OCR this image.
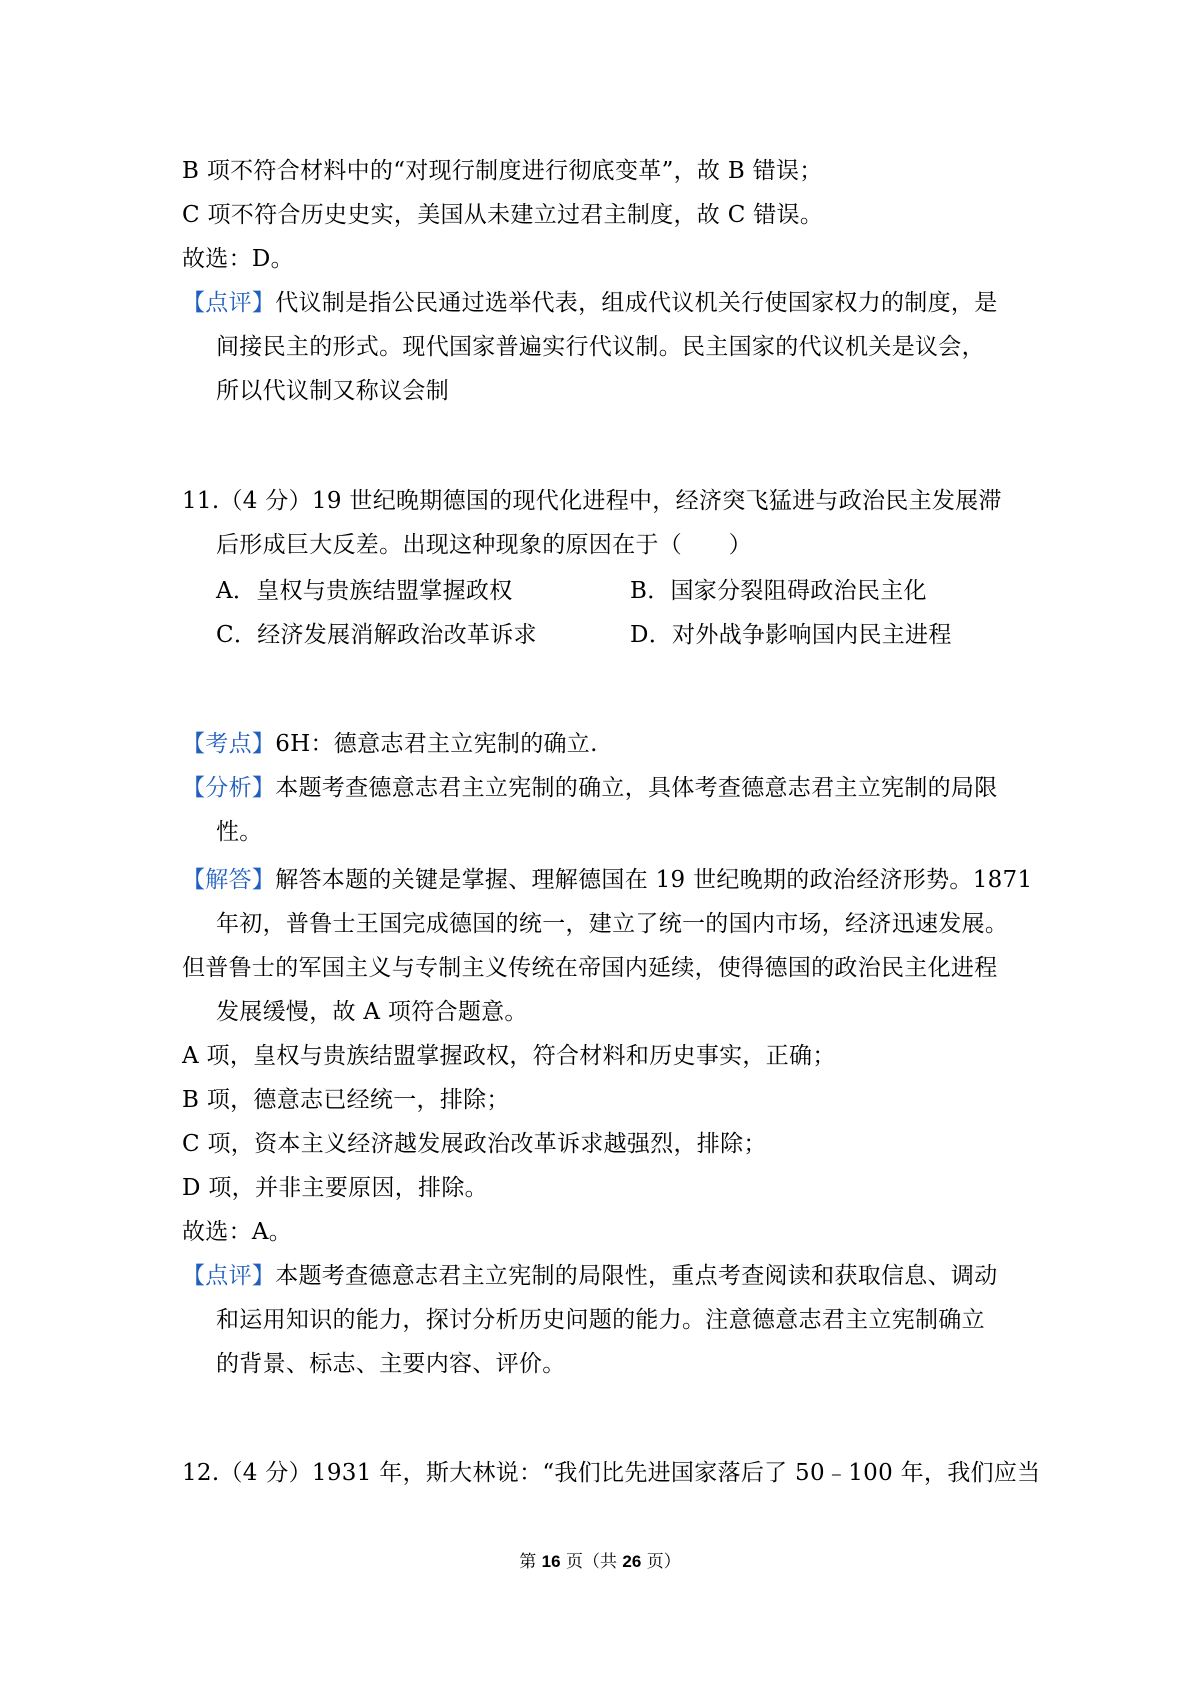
B 项不符合材料中的“对现行制度进行彻底变革”，故 B 错误；

C 项不符合历史史实，美国从未建立过君主制度，故 C 错误。

故选：D。

【点评】代议制是指公民通过选举代表，组成代议机关行使国家权力的制度，是

间接民主的形式。现代国家普遍实行代议制。民主国家的代议机关是议会，

所以代议制又称议会制

11.（4 分）19 世纪晚期德国的现代化进程中，经济突飞猛进与政治民主发展滞

后形成巨大反差。出现这种现象的原因在于（　　）

A．皇权与贵族结盟掌握政权	B．国家分裂阻碍政治民主化

C．经济发展消解政治改革诉求	D．对外战争影响国内民主进程

【考点】6H：德意志君主立宪制的确立.

【分析】本题考查德意志君主立宪制的确立，具体考查德意志君主立宪制的局限

性。

【解答】解答本题的关键是掌握、理解德国在 19 世纪晚期的政治经济形势。1871

年初，普鲁士王国完成德国的统一，建立了统一的国内市场，经济迅速发展。

但普鲁士的军国主义与专制主义传统在帝国内延续，使得德国的政治民主化进程

发展缓慢，故 A 项符合题意。

A 项，皇权与贵族结盟掌握政权，符合材料和历史事实，正确；

B 项，德意志已经统一，排除；

C 项，资本主义经济越发展政治改革诉求越强烈，排除；

D 项，并非主要原因，排除。

故选：A。

【点评】本题考查德意志君主立宪制的局限性，重点考查阅读和获取信息、调动

和运用知识的能力，探讨分析历史问题的能力。注意德意志君主立宪制确立

的背景、标志、主要内容、评价。

12.（4 分）1931 年，斯大林说：“我们比先进国家落后了 50﹣100 年，我们应当

第 16 页（共 26 页）
